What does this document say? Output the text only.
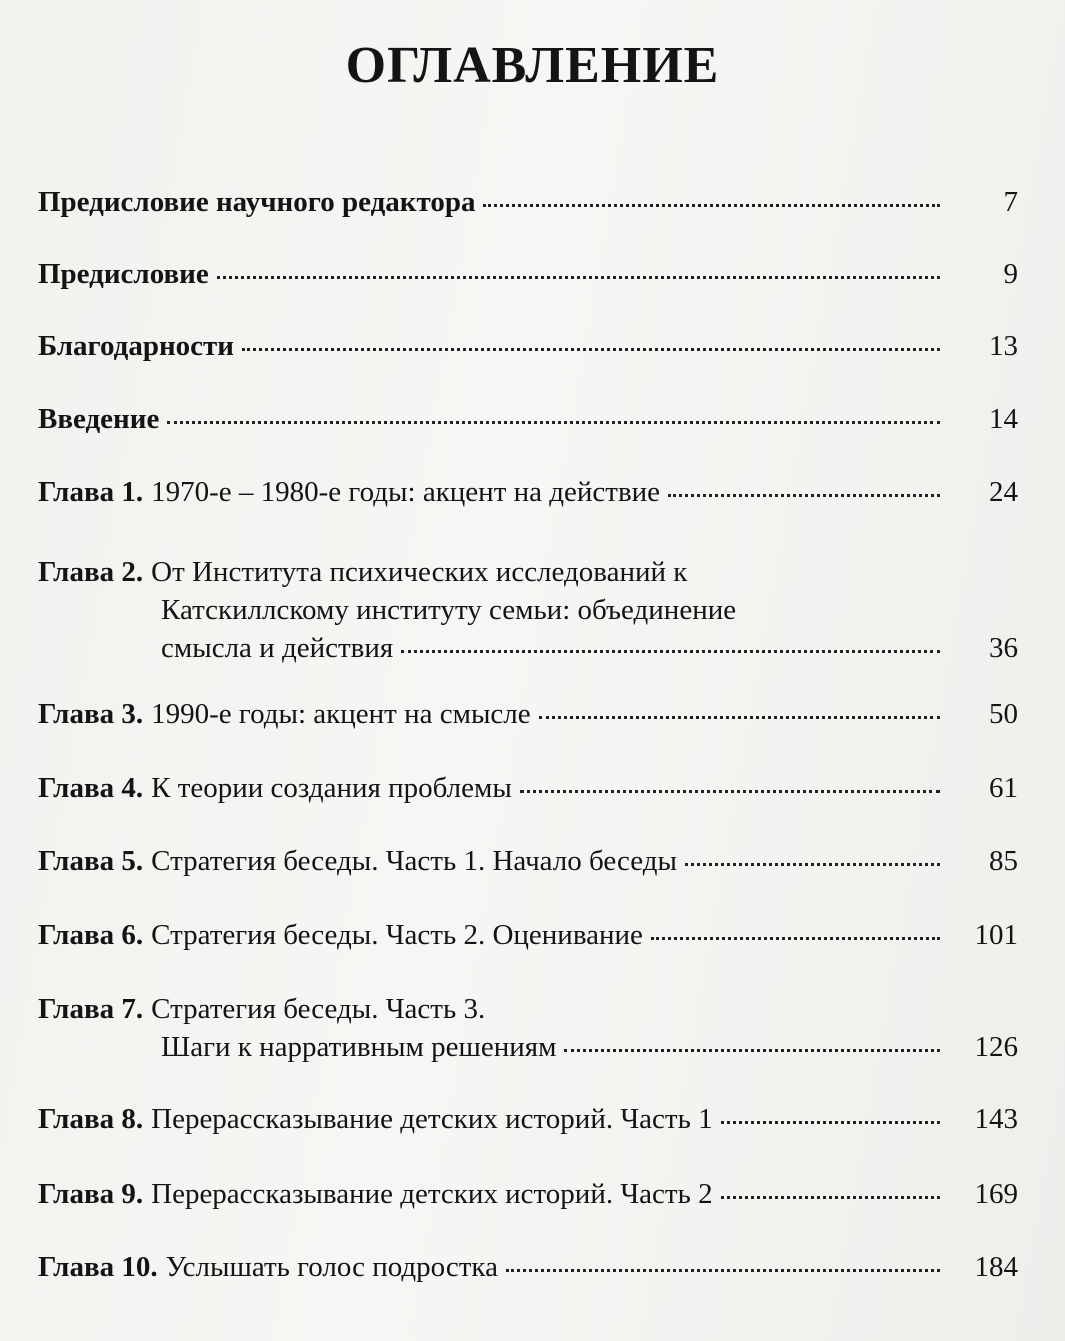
ОГЛАВЛЕНИЕ
Предисловие научного редактора	7
Предисловие	9
Благодарности	13
Введение	14
Глава 1. 1970-е – 1980-е годы: акцент на действие	24
Глава 2. От Института психических исследований к
Катскиллскому институту семьи: объединение
смысла и действия	36
Глава 3. 1990-е годы: акцент на смысле	50
Глава 4. К теории создания проблемы	61
Глава 5. Стратегия беседы. Часть 1. Начало беседы	85
Глава 6. Стратегия беседы. Часть 2. Оценивание	101
Глава 7. Стратегия беседы. Часть 3.
Шаги к нарративным решениям	126
Глава 8. Перерассказывание детских историй. Часть 1	143
Глава 9. Перерассказывание детских историй. Часть 2	169
Глава 10. Услышать голос подростка	184
